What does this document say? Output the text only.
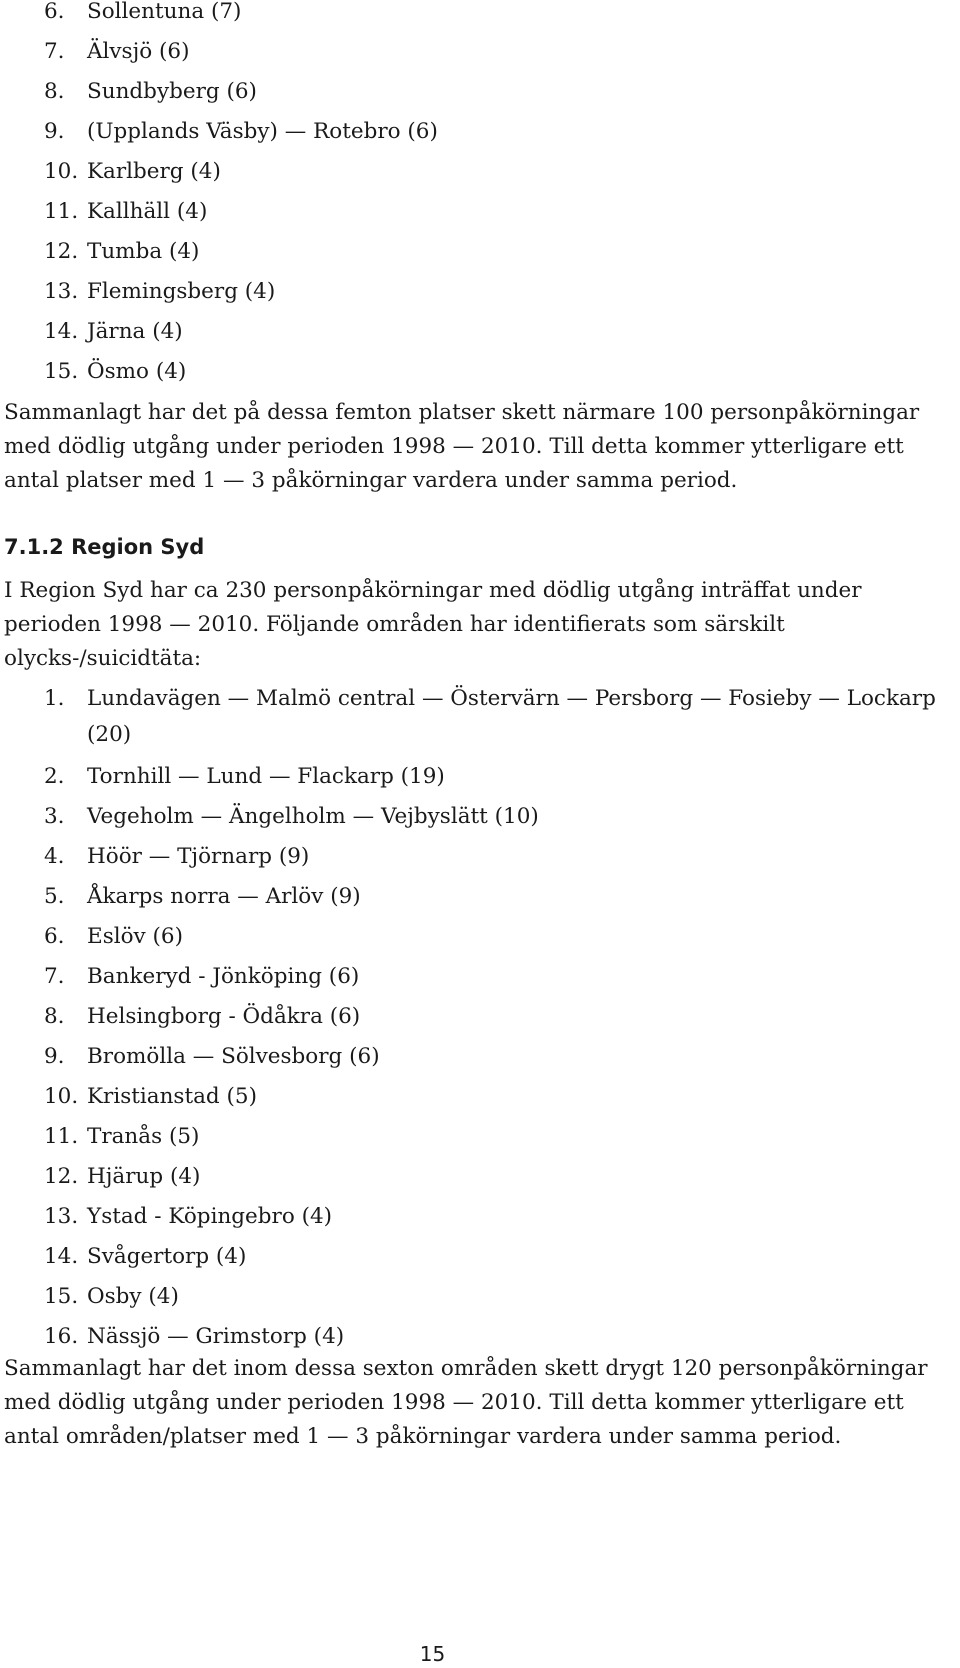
6. Sollentuna (7)
7. Älvsjö (6)
8. Sundbyberg (6)
9. (Upplands Väsby) — Rotebro (6)
10. Karlberg (4)
11. Kallhäll (4)
12. Tumba (4)
13. Flemingsberg (4)
14. Järna (4)
15. Ösmo (4)

Sammanlagt har det på dessa femton platser skett närmare 100 personpåkörningar med dödlig utgång under perioden 1998 — 2010. Till detta kommer ytterligare ett antal platser med 1 — 3 påkörningar vardera under samma period.

7.1.2 Region Syd

I Region Syd har ca 230 personpåkörningar med dödlig utgång inträffat under perioden 1998 — 2010. Följande områden har identifierats som särskilt olycks-/suicidtäta:

1. Lundavägen — Malmö central — Östervärn — Persborg — Fosieby — Lockarp (20)
2. Tornhill — Lund — Flackarp (19)
3. Vegeholm — Ängelholm — Vejbyslätt (10)
4. Höör — Tjörnarp (9)
5. Åkarps norra — Arlöv (9)
6. Eslöv (6)
7. Bankeryd - Jönköping (6)
8. Helsingborg - Ödåkra (6)
9. Bromölla — Sölvesborg (6)
10. Kristianstad (5)
11. Tranås (5)
12. Hjärup (4)
13. Ystad - Köpingebro (4)
14. Svågertorp (4)
15. Osby (4)
16. Nässjö — Grimstorp (4)

Sammanlagt har det inom dessa sexton områden skett drygt 120 personpåkörningar med dödlig utgång under perioden 1998 — 2010. Till detta kommer ytterligare ett antal områden/platser med 1 — 3 påkörningar vardera under samma period.

15
